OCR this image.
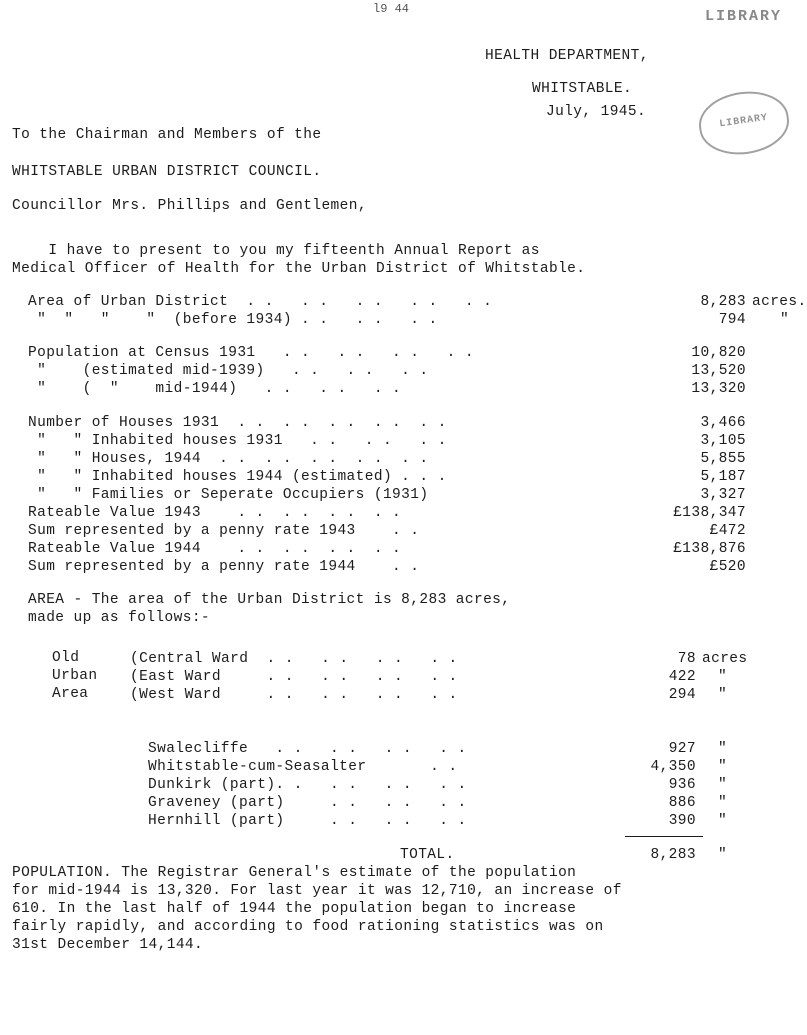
l9 44	LIBRARY
HEALTH DEPARTMENT,
WHITSTABLE.
July, 1945.
LIBRARY
To the Chairman and Members of the
WHITSTABLE URBAN DISTRICT COUNCIL.
Councillor Mrs. Phillips and Gentlemen,
I have to present to you my fifteenth Annual Report as
Medical Officer of Health for the Urban District of Whitstable.
Area of Urban District  . .   . .   . .   . .   . .	8,283 acres.
"  "   "    "  (before 1934) . .   . .   . .	794 "
Population at Census 1931   . .   . .   . .   . .	10,820
"    (estimated mid-1939)   . .   . .   . .	13,520
"    (  "    mid-1944)   . .   . .   . .	13,320
Number of Houses 1931  . .  . .  . .  . .  . .	3,466
"   " Inhabited houses 1931   . .   . .   . .	3,105
"   " Houses, 1944  . .  . .  . .  . .  . .	5,855
"   " Inhabited houses 1944 (estimated) . . .	5,187
"   " Families or Seperate Occupiers (1931)	3,327
Rateable Value 1943    . .  . .  . .  . .	£138,347
Sum represented by a penny rate 1943    . .	£472
Rateable Value 1944    . .  . .  . .  . .	£138,876
Sum represented by a penny rate 1944    . .	£520
AREA - The area of the Urban District is 8,283 acres,
made up as follows:-
Old
Urban
Area
(Central Ward  . .   . .   . .   . .	78 acres
(East Ward     . .   . .   . .   . .	422 "
(West Ward     . .   . .   . .   . .	294 "
Swalecliffe   . .   . .   . .   . .	927 "
Whitstable-cum-Seasalter       . .	4,350 "
Dunkirk (part). .   . .   . .   . .	936 "
Graveney (part)     . .   . .   . .	886 "
Hernhill (part)     . .   . .   . .	390 "
TOTAL.	8,283 "
POPULATION. The Registrar General's estimate of the population
for mid-1944 is 13,320. For last year it was 12,710, an increase of
610. In the last half of 1944 the population began to increase
fairly rapidly, and according to food rationing statistics was on
31st December 14,144.
